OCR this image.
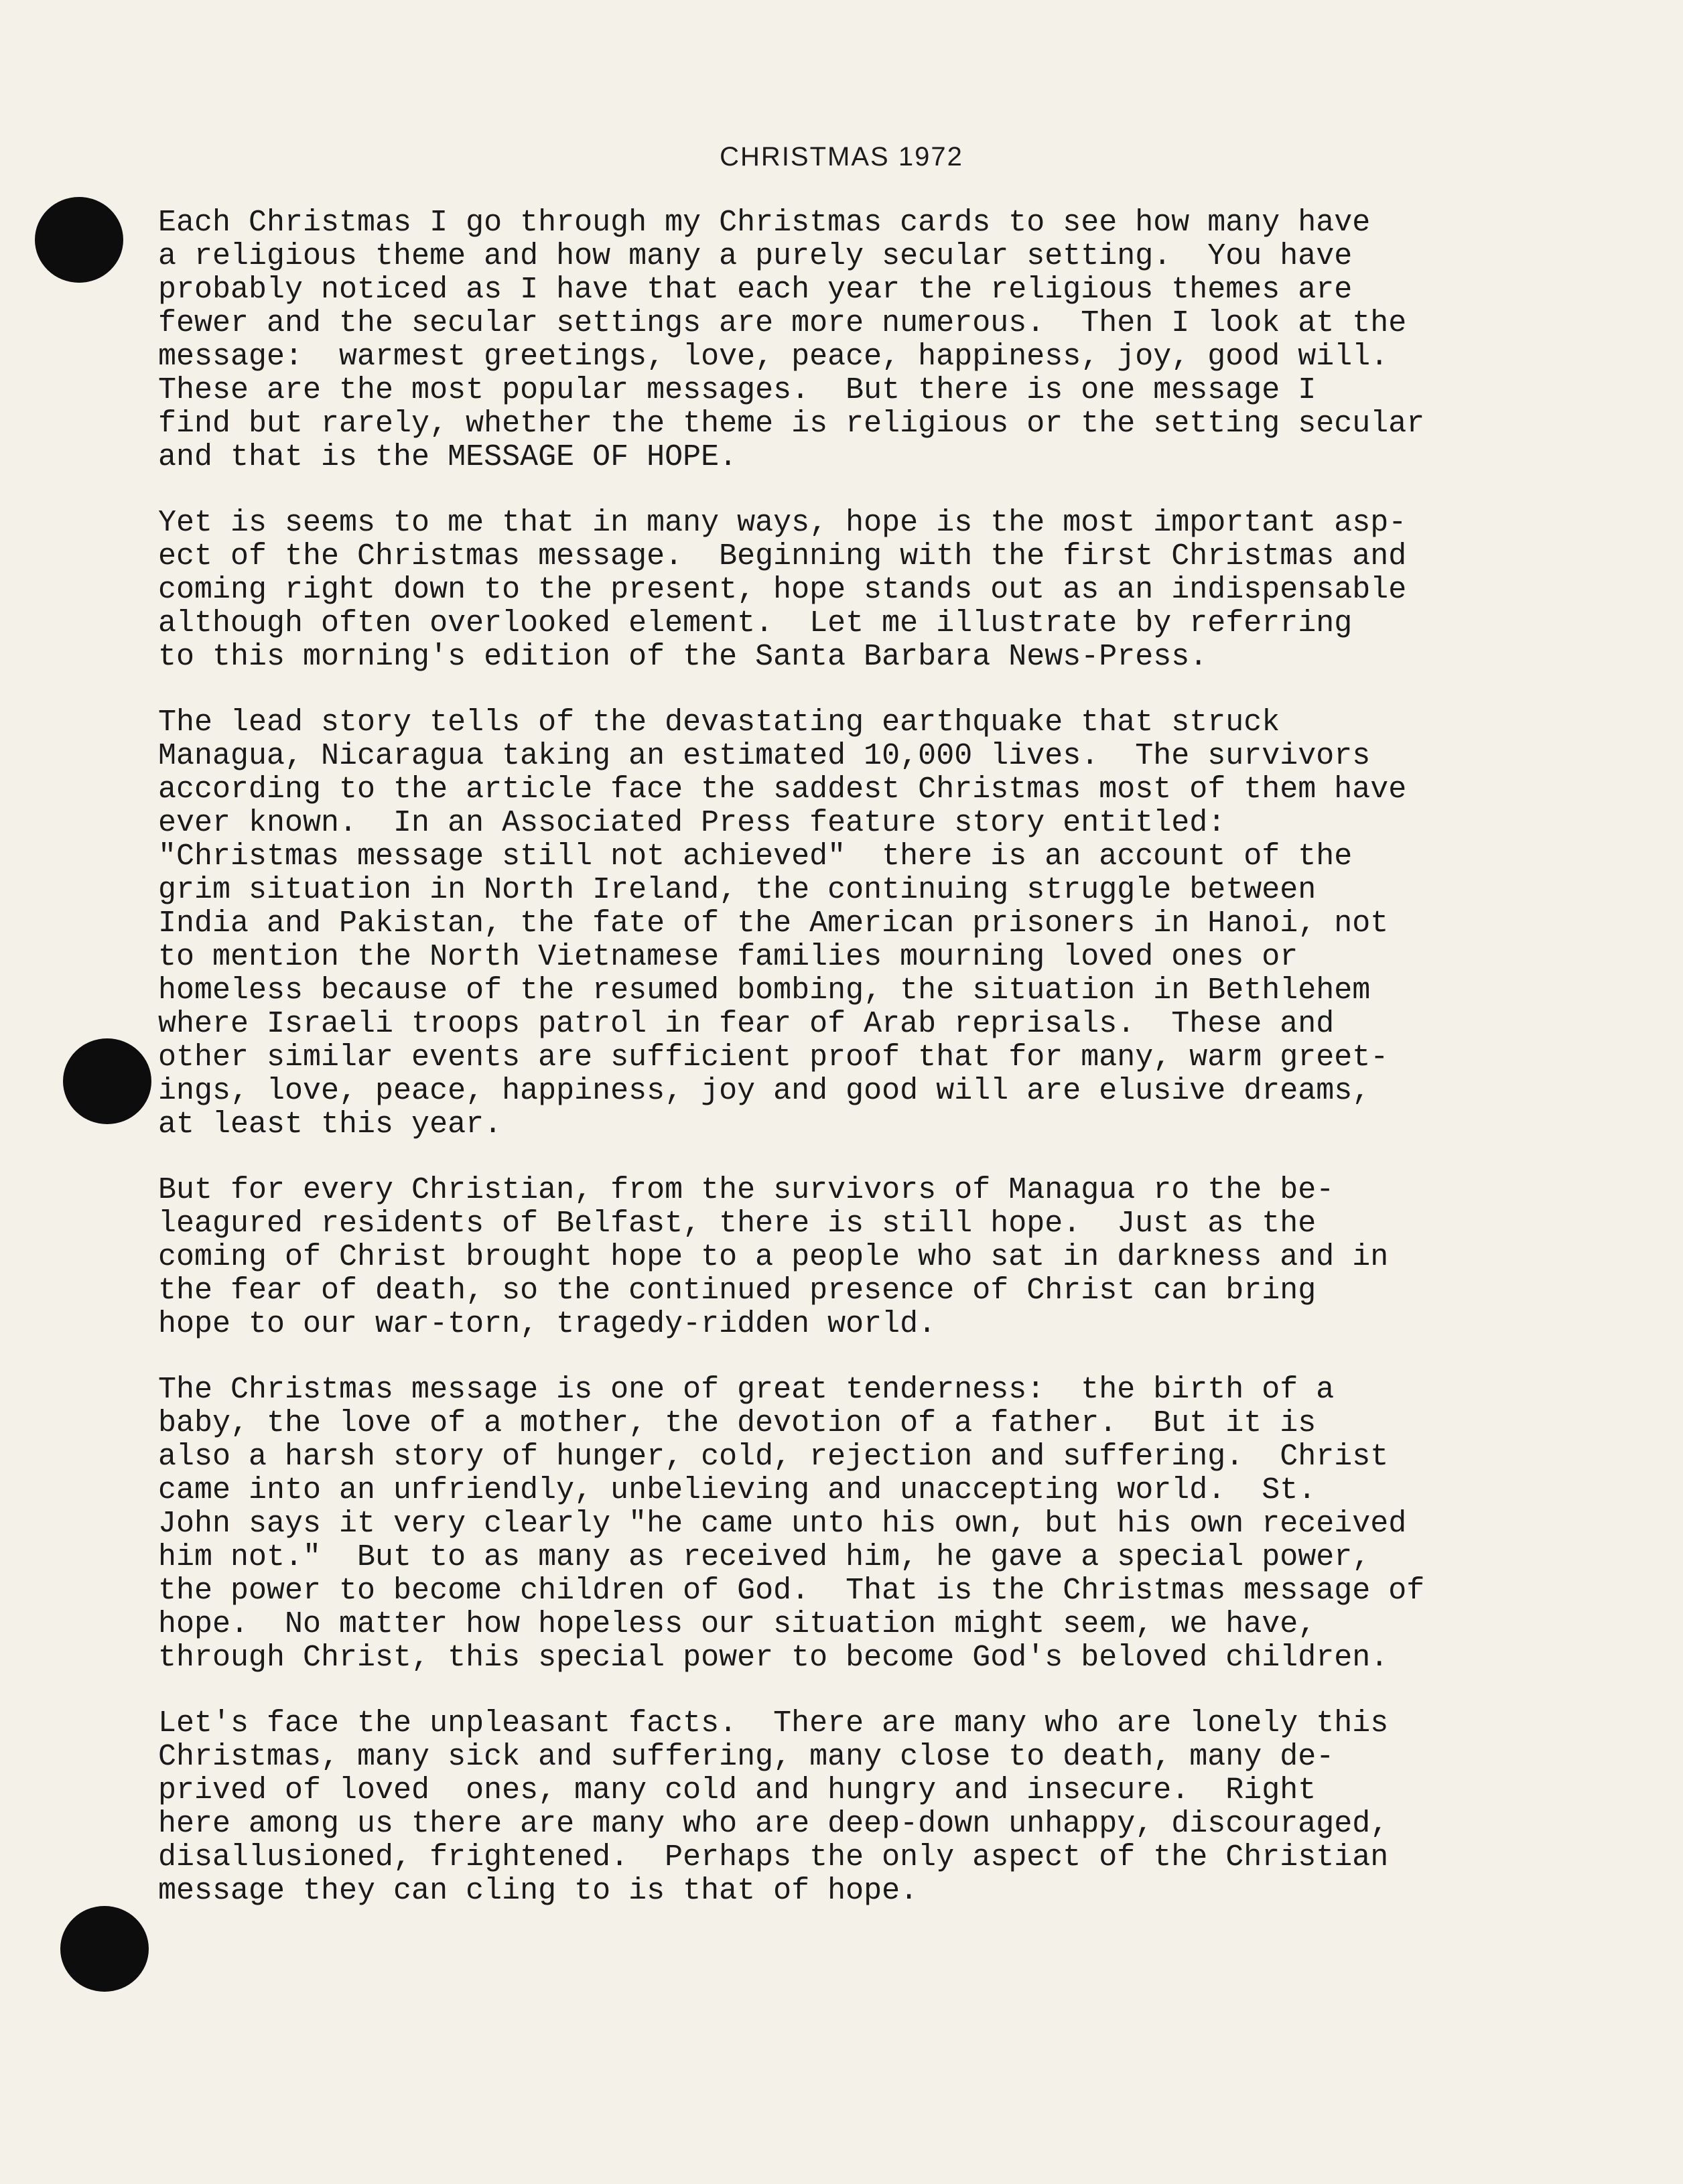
CHRISTMAS 1972
Each Christmas I go through my Christmas cards to see how many have
a religious theme and how many a purely secular setting.  You have
probably noticed as I have that each year the religious themes are
fewer and the secular settings are more numerous.  Then I look at the
message:  warmest greetings, love, peace, happiness, joy, good will.
These are the most popular messages.  But there is one message I
find but rarely, whether the theme is religious or the setting secular
and that is the MESSAGE OF HOPE.
Yet is seems to me that in many ways, hope is the most important asp-
ect of the Christmas message.  Beginning with the first Christmas and
coming right down to the present, hope stands out as an indispensable
although often overlooked element.  Let me illustrate by referring
to this morning's edition of the Santa Barbara News-Press.
The lead story tells of the devastating earthquake that struck
Managua, Nicaragua taking an estimated 10,000 lives.  The survivors
according to the article face the saddest Christmas most of them have
ever known.  In an Associated Press feature story entitled:
"Christmas message still not achieved"  there is an account of the
grim situation in North Ireland, the continuing struggle between
India and Pakistan, the fate of the American prisoners in Hanoi, not
to mention the North Vietnamese families mourning loved ones or
homeless because of the resumed bombing, the situation in Bethlehem
where Israeli troops patrol in fear of Arab reprisals.  These and
other similar events are sufficient proof that for many, warm greet-
ings, love, peace, happiness, joy and good will are elusive dreams,
at least this year.
But for every Christian, from the survivors of Managua ro the be-
leagured residents of Belfast, there is still hope.  Just as the
coming of Christ brought hope to a people who sat in darkness and in
the fear of death, so the continued presence of Christ can bring
hope to our war-torn, tragedy-ridden world.
The Christmas message is one of great tenderness:  the birth of a
baby, the love of a mother, the devotion of a father.  But it is
also a harsh story of hunger, cold, rejection and suffering.  Christ
came into an unfriendly, unbelieving and unaccepting world.  St.
John says it very clearly "he came unto his own, but his own received
him not."  But to as many as received him, he gave a special power,
the power to become children of God.  That is the Christmas message of
hope.  No matter how hopeless our situation might seem, we have,
through Christ, this special power to become God's beloved children.
Let's face the unpleasant facts.  There are many who are lonely this
Christmas, many sick and suffering, many close to death, many de-
prived of loved  ones, many cold and hungry and insecure.  Right
here among us there are many who are deep-down unhappy, discouraged,
disallusioned, frightened.  Perhaps the only aspect of the Christian
message they can cling to is that of hope.
